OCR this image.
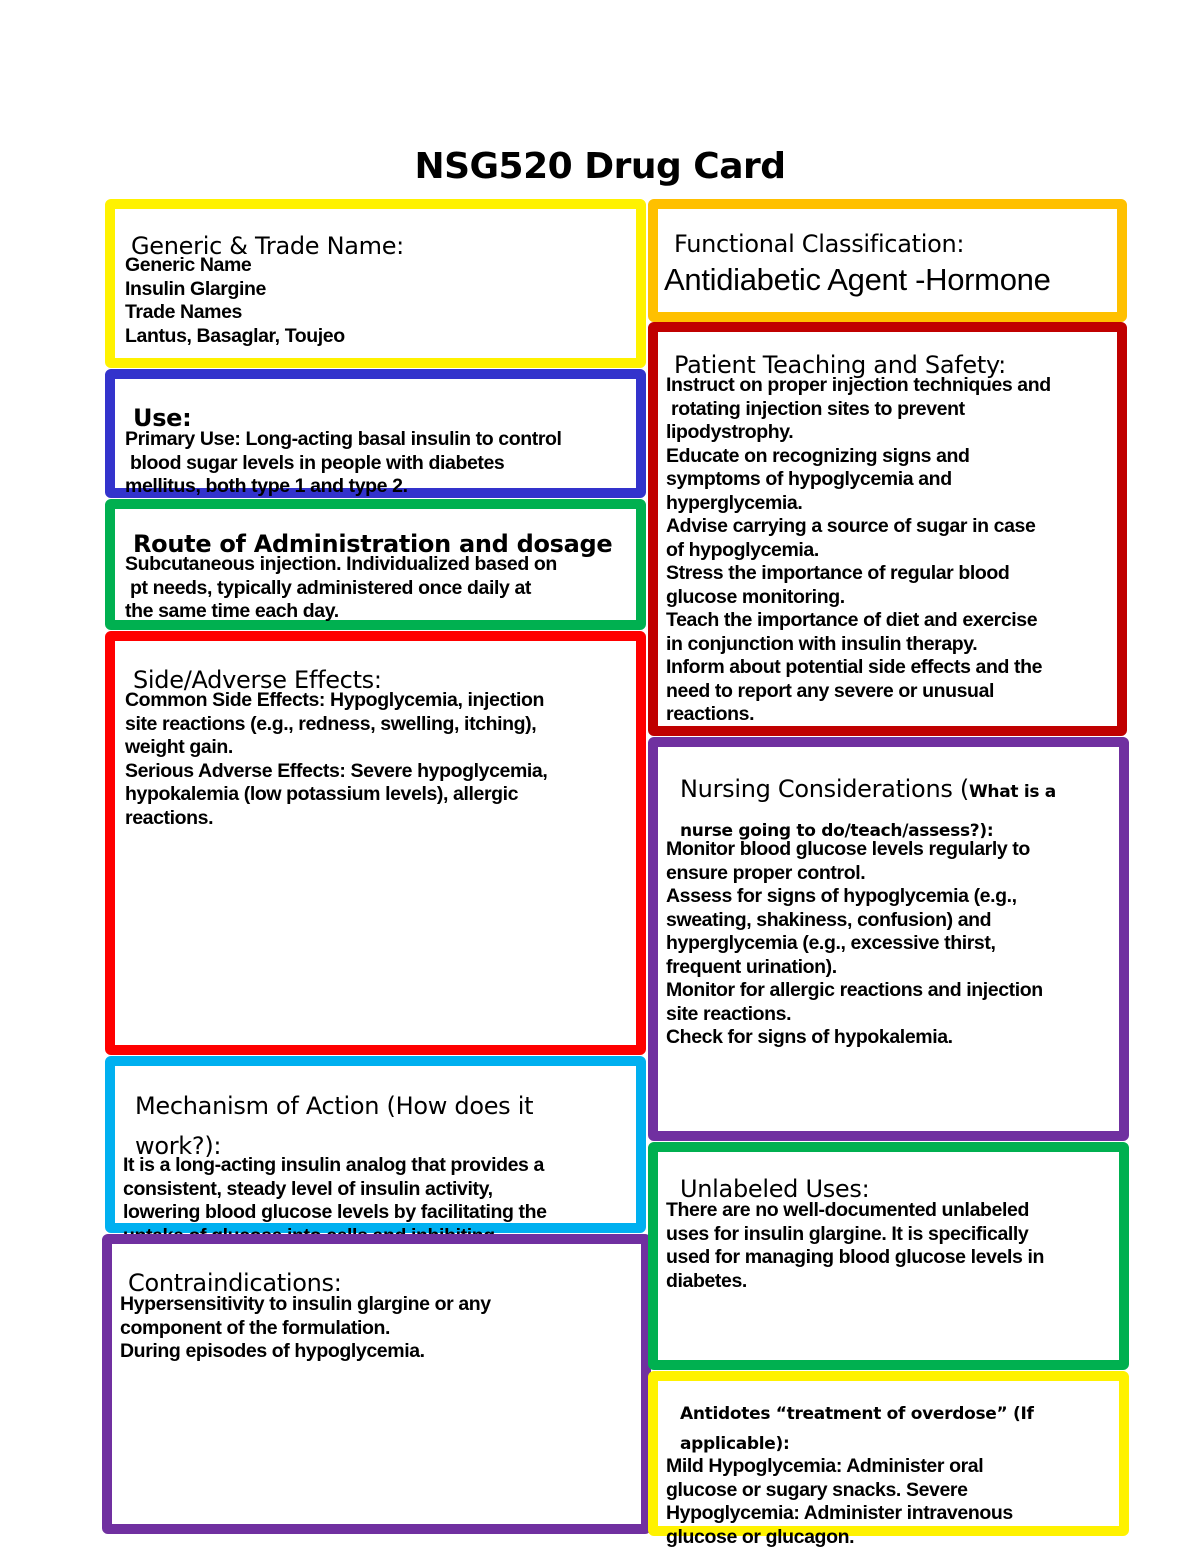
NSG520 Drug Card
Generic & Trade Name:
Generic Name
Insulin Glargine
Trade Names
Lantus, Basaglar, Toujeo
Use:
Primary Use: Long-acting basal insulin to control
blood sugar levels in people with diabetes
mellitus, both type 1 and type 2.
Route of Administration and dosage
Subcutaneous injection. Individualized based on
pt needs, typically administered once daily at
the same time each day.
Side/Adverse Effects:
Common Side Effects: Hypoglycemia, injection
site reactions (e.g., redness, swelling, itching),
weight gain.
Serious Adverse Effects: Severe hypoglycemia,
hypokalemia (low potassium levels), allergic
reactions.
Mechanism of Action (How does it
work?):
It is a long-acting insulin analog that provides a
consistent, steady level of insulin activity,
lowering blood glucose levels by facilitating the
Contraindications:
Hypersensitivity to insulin glargine or any
component of the formulation.
During episodes of hypoglycemia.
Functional Classification:
Antidiabetic Agent -Hormone
Patient Teaching and Safety:
Instruct on proper injection techniques and
rotating injection sites to prevent
lipodystrophy.
Educate on recognizing signs and
symptoms of hypoglycemia and
hyperglycemia.
Advise carrying a source of sugar in case
of hypoglycemia.
Stress the importance of regular blood
glucose monitoring.
Teach the importance of diet and exercise
in conjunction with insulin therapy.
Inform about potential side effects and the
need to report any severe or unusual
reactions.
Nursing Considerations (What is a
nurse going to do/teach/assess?):
Monitor blood glucose levels regularly to
ensure proper control.
Assess for signs of hypoglycemia (e.g.,
sweating, shakiness, confusion) and
hyperglycemia (e.g., excessive thirst,
frequent urination).
Monitor for allergic reactions and injection
site reactions.
Check for signs of hypokalemia.
Unlabeled Uses:
There are no well-documented unlabeled
uses for insulin glargine. It is specifically
used for managing blood glucose levels in
diabetes.
Antidotes “treatment of overdose” (If
applicable):
Mild Hypoglycemia: Administer oral
glucose or sugary snacks. Severe
Hypoglycemia: Administer intravenous
glucose or glucagon.
